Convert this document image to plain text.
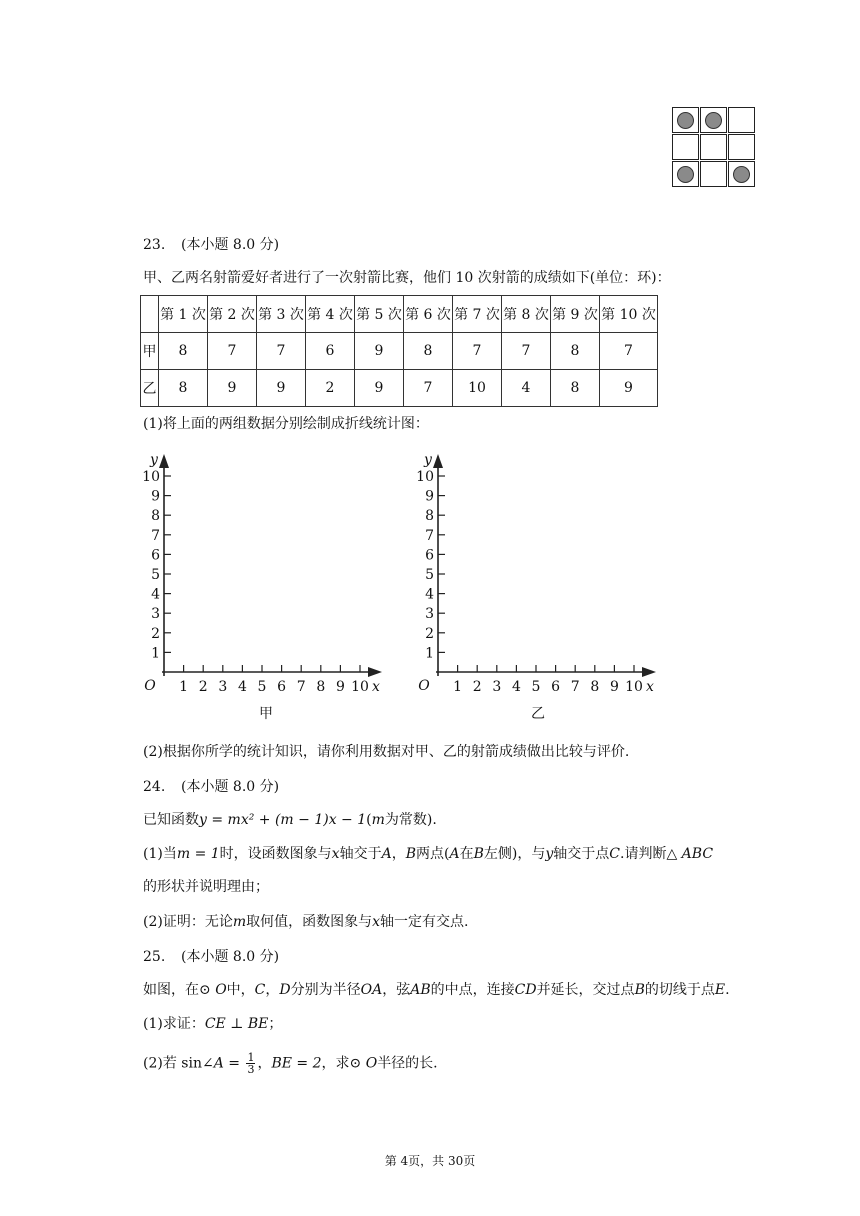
23. (本小题 8.0 分)
甲、乙两名射箭爱好者进行了一次射箭比赛，他们 10 次射箭的成绩如下(单位：环)：
	第 1 次	第 2 次	第 3 次	第 4 次	第 5 次	第 6 次	第 7 次	第 8 次	第 9 次	第 10 次
甲	8	7	7	6	9	8	7	7	8	7
乙	8	9	9	2	9	7	10	4	8	9
(1)将上面的两组数据分别绘制成折线统计图：
1
2
3
4
5
6
7
8
9
10
1 2 3 4 5 6 7 8 9 10
y
O	x
甲
1
2
3
4
5
6
7
8
9
10
1 2 3 4 5 6 7 8 9 10
y
O	x
乙
(2)根据你所学的统计知识，请你利用数据对甲、乙的射箭成绩做出比较与评价.
24. (本小题 8.0 分)
已知函数y = mx² + (m − 1)x − 1(m为常数).
(1)当m = 1时，设函数图象与x轴交于A，B两点(A在B左侧)，与y轴交于点C.请判断△ ABC
的形状并说明理由；
(2)证明：无论m取何值，函数图象与x轴一定有交点.
25. (本小题 8.0 分)
如图，在⊙ O中，C，D分别为半径OA，弦AB的中点，连接CD并延长，交过点B的切线于点E.
(1)求证：CE ⊥ BE；
(2)若 sin∠A = $\frac{1}{3}$ ，BE = 2，求⊙ O半径的长.
第 4页，共 30页
